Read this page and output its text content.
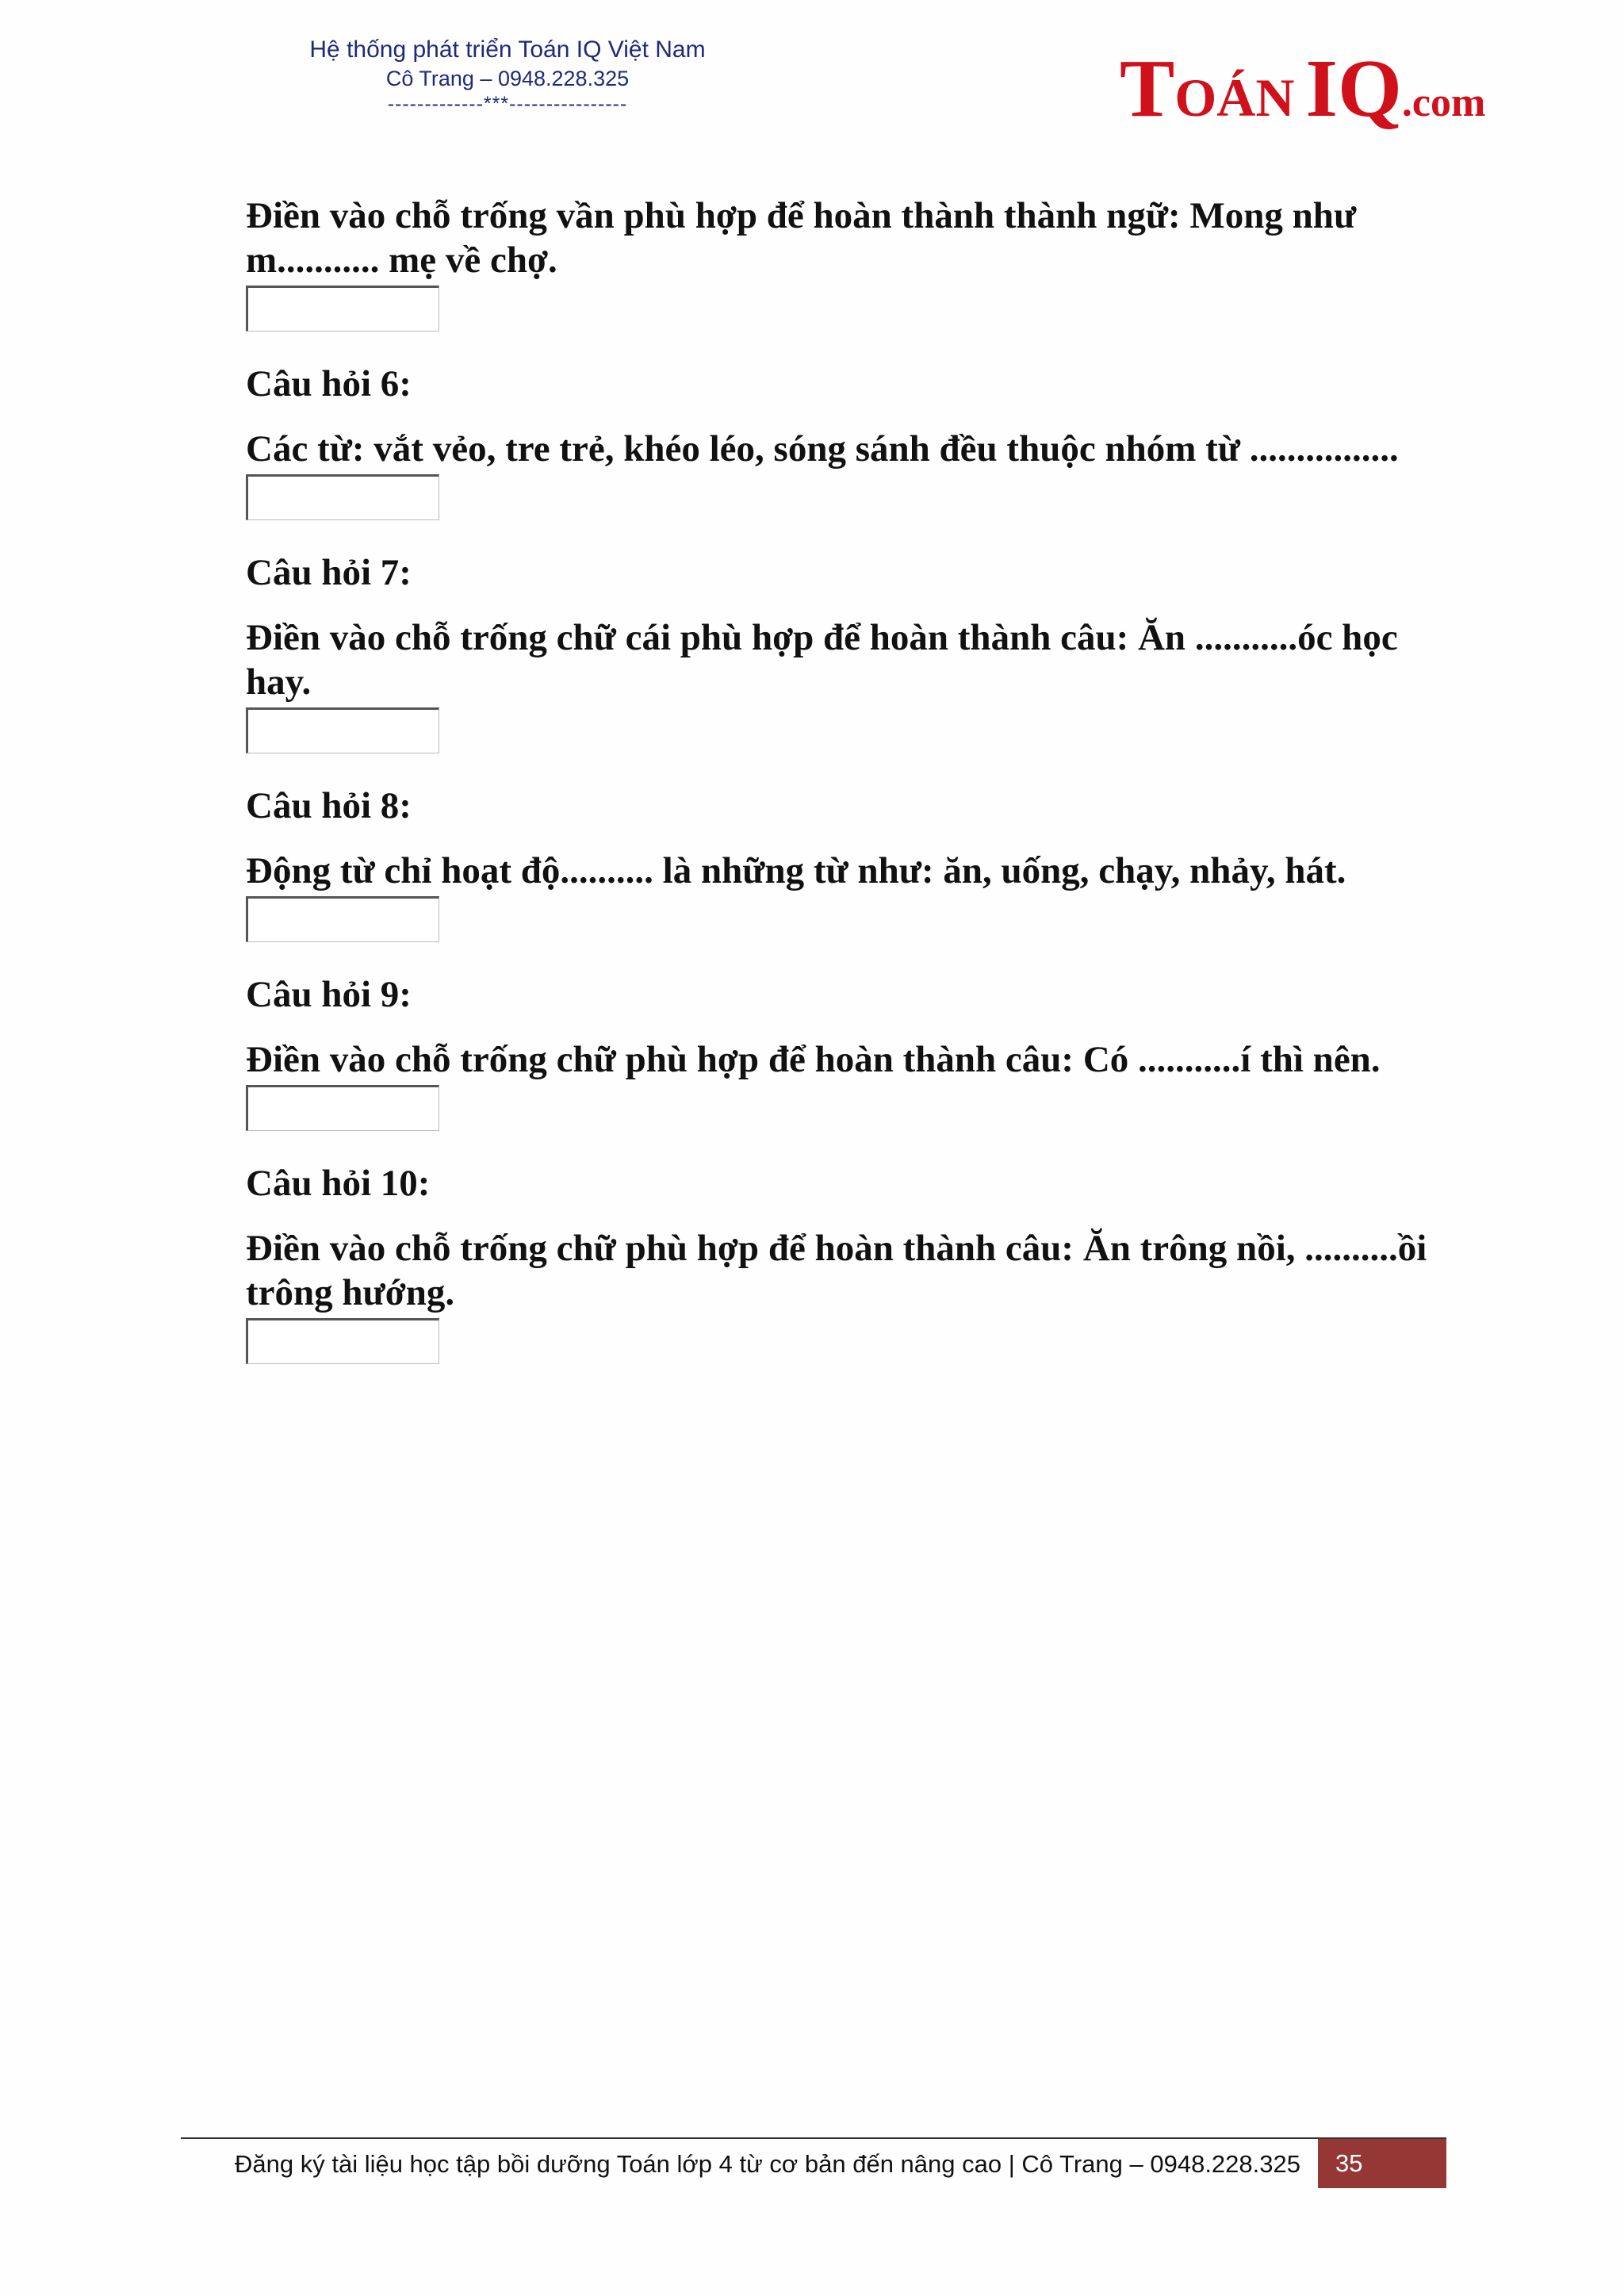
Hệ thống phát triển Toán IQ Việt Nam
Cô Trang – 0948.228.325
-------------***----------------	TOÁN IQ.com

Điền vào chỗ trống vần phù hợp để hoàn thành thành ngữ: Mong như m........... mẹ về chợ.

Câu hỏi 6:

Các từ: vắt vẻo, tre trẻ, khéo léo, sóng sánh đều thuộc nhóm từ ................

Câu hỏi 7:

Điền vào chỗ trống chữ cái phù hợp để hoàn thành câu: Ăn ...........óc học hay.

Câu hỏi 8:

Động từ chỉ hoạt độ.......... là những từ như: ăn, uống, chạy, nhảy, hát.

Câu hỏi 9:

Điền vào chỗ trống chữ phù hợp để hoàn thành câu: Có ...........í thì nên.

Câu hỏi 10:

Điền vào chỗ trống chữ phù hợp để hoàn thành câu: Ăn trông nồi, ..........ồi trông hướng.

Đăng ký tài liệu học tập bồi dưỡng Toán lớp 4 từ cơ bản đến nâng cao | Cô Trang – 0948.228.325	35
